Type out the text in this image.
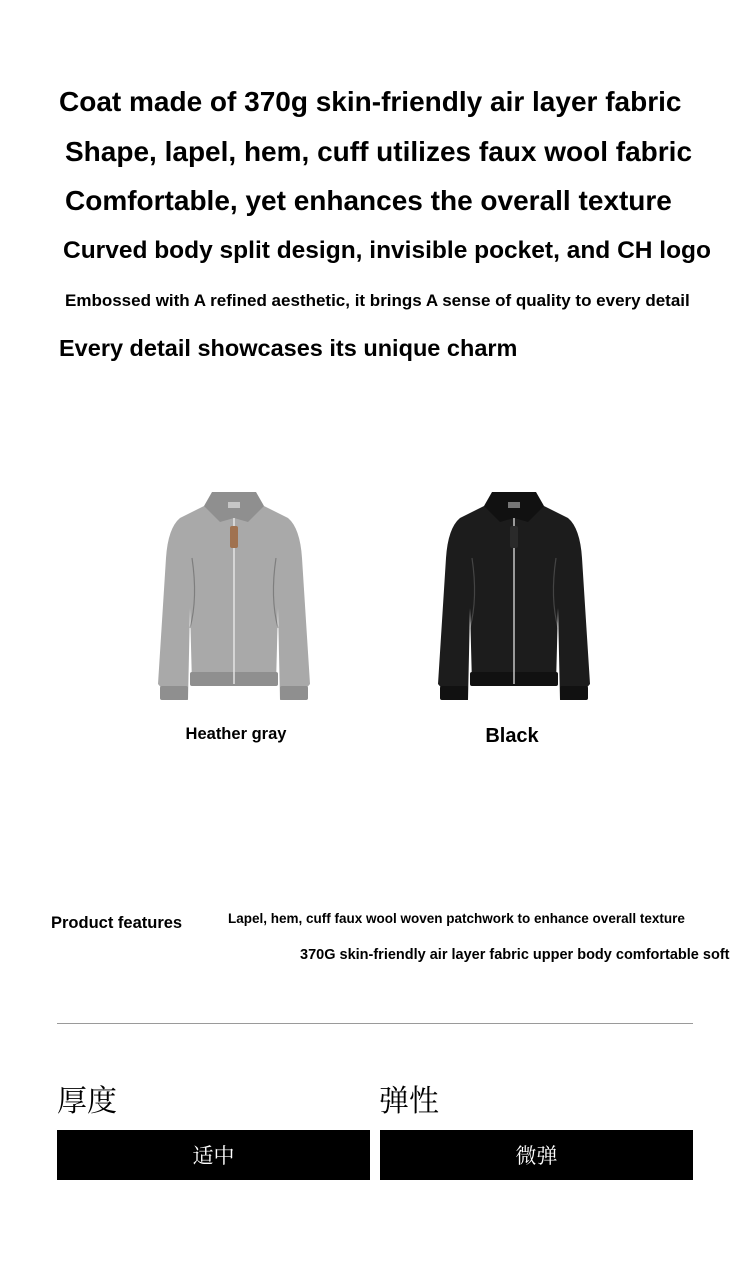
Coat made of 370g skin-friendly air layer fabric
Shape, lapel, hem, cuff utilizes faux wool fabric
Comfortable, yet enhances the overall texture
Curved body split design, invisible pocket, and CH logo
Embossed with A refined aesthetic, it brings A sense of quality to every detail
Every detail showcases its unique charm
Heather gray	Black
Product features	Lapel, hem, cuff faux wool woven patchwork to enhance overall texture
370G skin-friendly air layer fabric upper body comfortable soft
厚度	弹性
适中	微弹
